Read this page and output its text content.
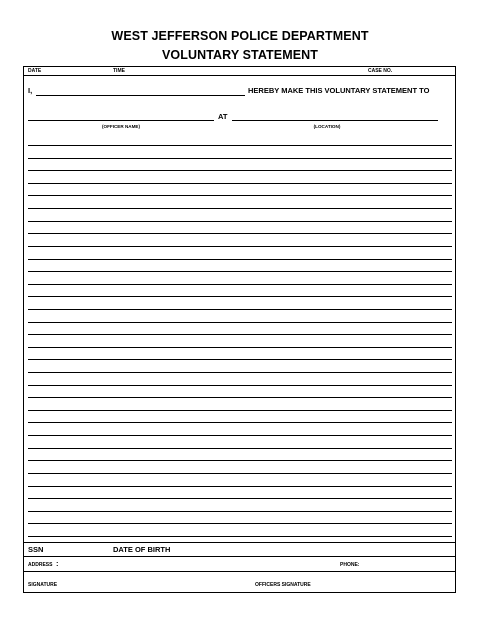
WEST JEFFERSON POLICE DEPARTMENT
VOLUNTARY STATEMENT
DATE	TIME	CASE NO.
I,	HEREBY MAKE THIS VOLUNTARY STATEMENT TO
AT
(OFFICER NAME)	(LOCATION)
SSN	DATE OF BIRTH
ADDRESS :	PHONE:
SIGNATURE	OFFICERS SIGNATURE
